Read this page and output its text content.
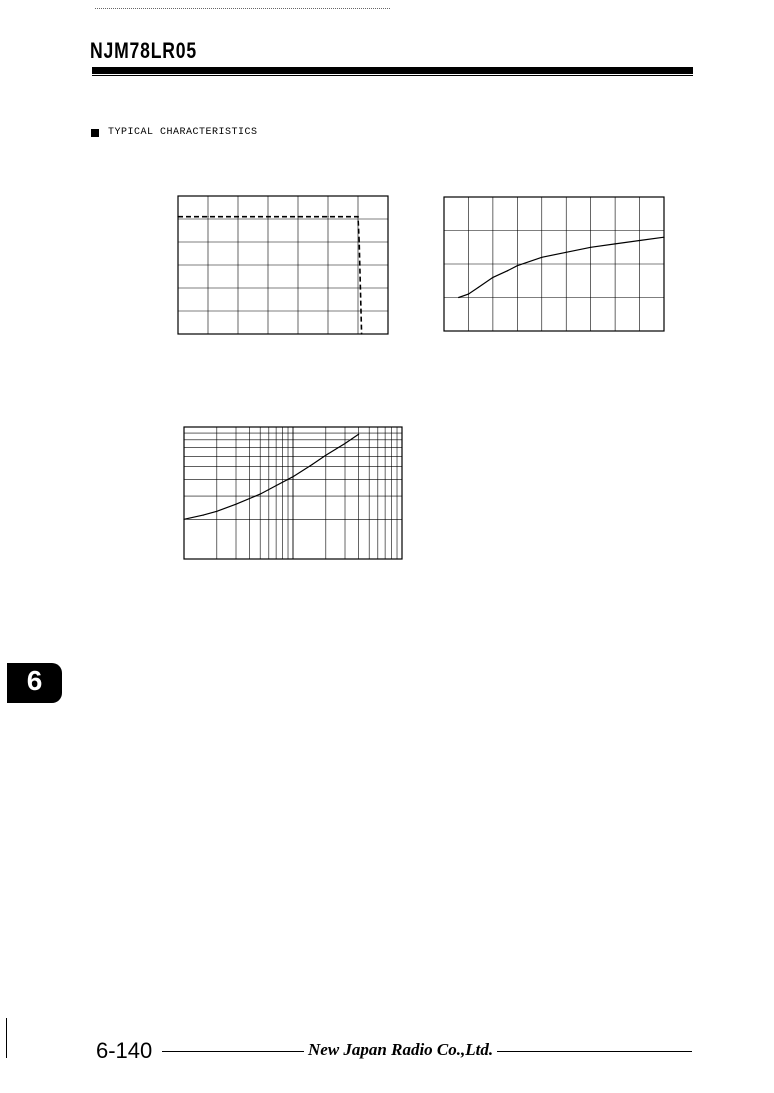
NJM78LR05
TYPICAL CHARACTERISTICS
6
6-140	New Japan Radio Co.,Ltd.
